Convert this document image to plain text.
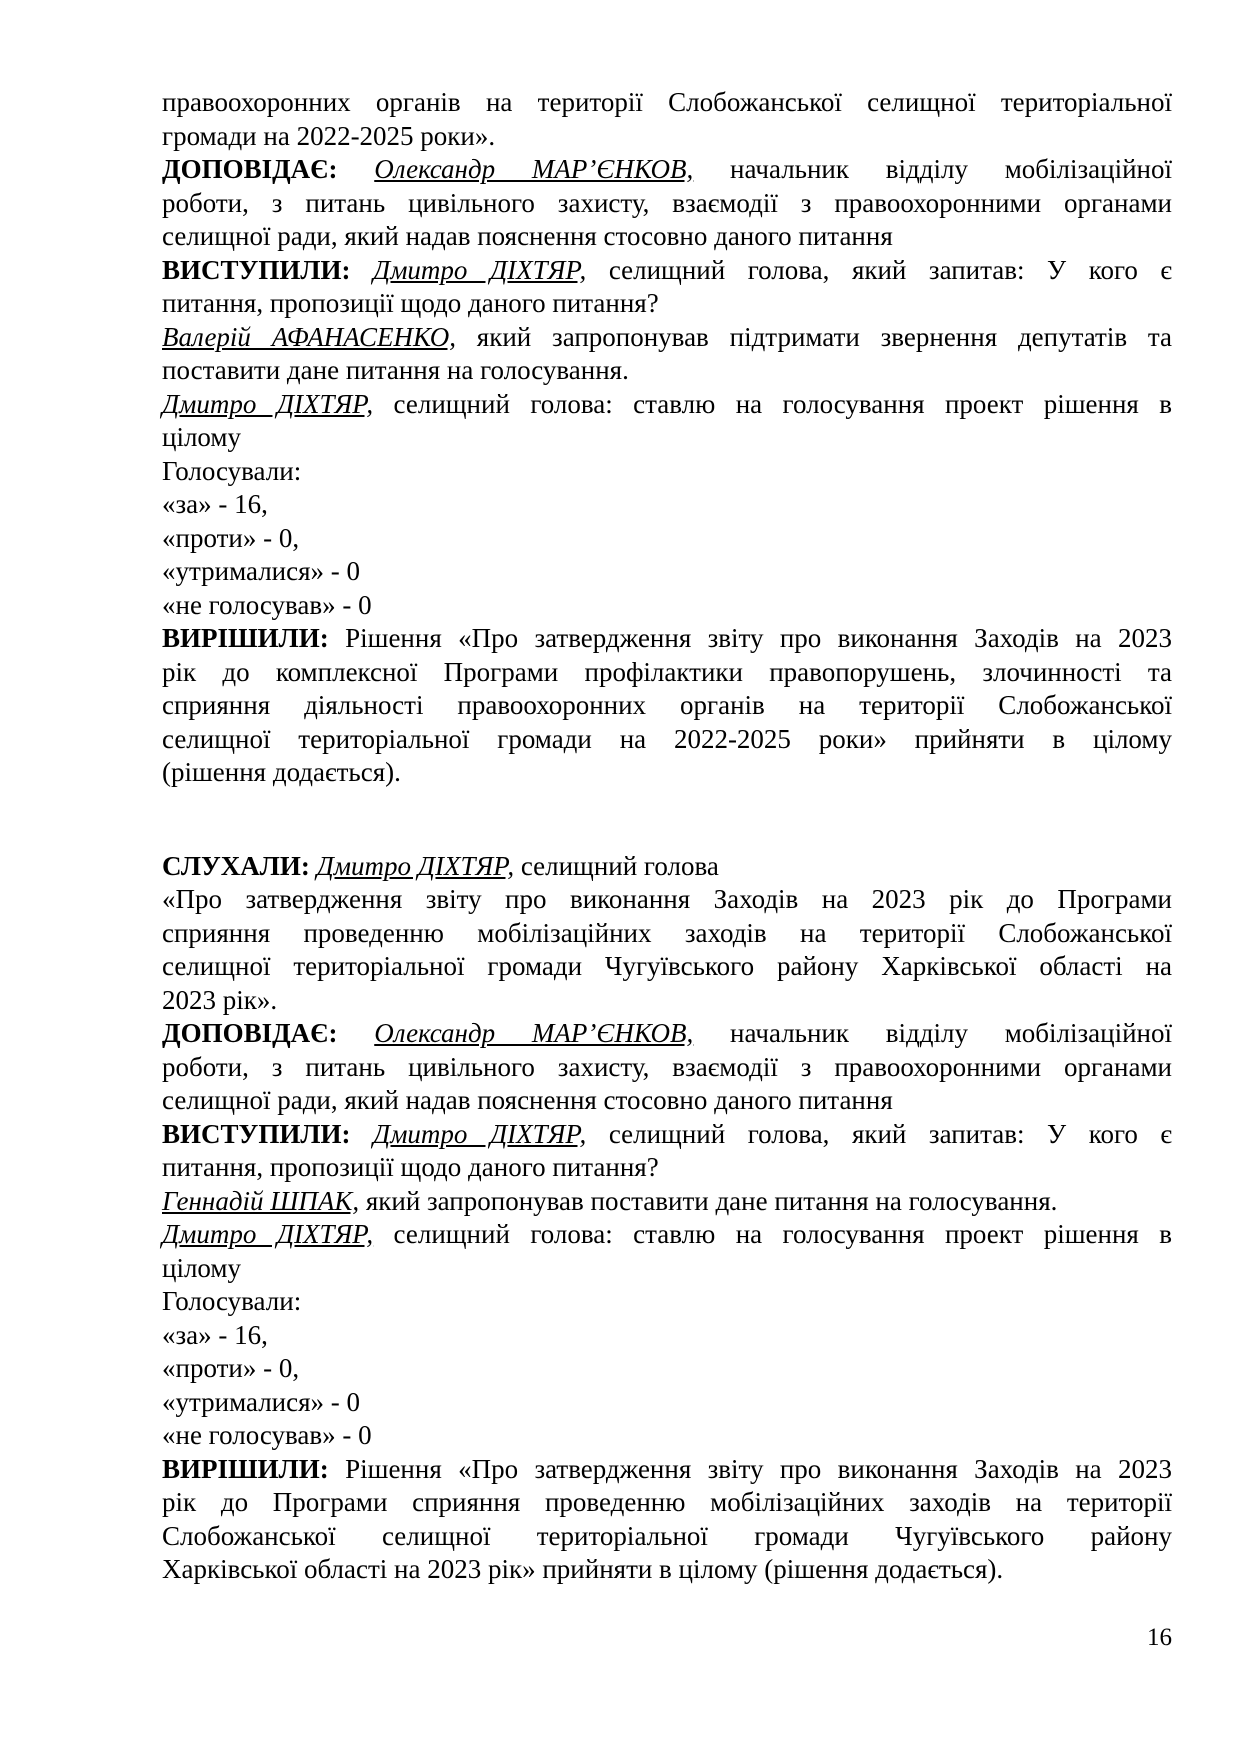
правоохоронних органів на території Слобожанської селищної територіальної

громади на 2022-2025 роки».

ДОПОВІДАЄ: Олександр МАР’ЄНКОВ, начальник відділу мобілізаційної

роботи, з питань цивільного захисту, взаємодії з правоохоронними органами

селищної ради, який надав пояснення стосовно даного питання

ВИСТУПИЛИ: Дмитро ДІХТЯР, селищний голова, який запитав: У кого є

питання, пропозиції щодо даного питання?

Валерій АФАНАСЕНКО, який запропонував підтримати звернення депутатів та

поставити дане питання на голосування.

Дмитро ДІХТЯР, селищний голова: ставлю на голосування проект рішення в

цілому

Голосували:

«за» - 16,

«проти» - 0,

«утрималися» - 0

«не голосував» - 0

ВИРІШИЛИ: Рішення «Про затвердження звіту про виконання Заходів на 2023

рік до комплексної Програми профілактики правопорушень, злочинності та

сприяння діяльності правоохоронних органів на території Слобожанської

селищної територіальної громади на 2022-2025 роки» прийняти в цілому

(рішення додається).

СЛУХАЛИ: Дмитро ДІХТЯР, селищний голова

«Про затвердження звіту про виконання Заходів на 2023 рік до Програми

сприяння проведенню мобілізаційних заходів на території Слобожанської

селищної територіальної громади Чугуївського району Харківської області на

2023 рік».

ДОПОВІДАЄ: Олександр МАР’ЄНКОВ, начальник відділу мобілізаційної

роботи, з питань цивільного захисту, взаємодії з правоохоронними органами

селищної ради, який надав пояснення стосовно даного питання

ВИСТУПИЛИ: Дмитро ДІХТЯР, селищний голова, який запитав: У кого є

питання, пропозиції щодо даного питання?

Геннадій ШПАК, який запропонував поставити дане питання на голосування.

Дмитро ДІХТЯР, селищний голова: ставлю на голосування проект рішення в

цілому

Голосували:

«за» - 16,

«проти» - 0,

«утрималися» - 0

«не голосував» - 0

ВИРІШИЛИ: Рішення «Про затвердження звіту про виконання Заходів на 2023

рік до Програми сприяння проведенню мобілізаційних заходів на території

Слобожанської селищної територіальної громади Чугуївського району

Харківської області на 2023 рік» прийняти в цілому (рішення додається).

16
